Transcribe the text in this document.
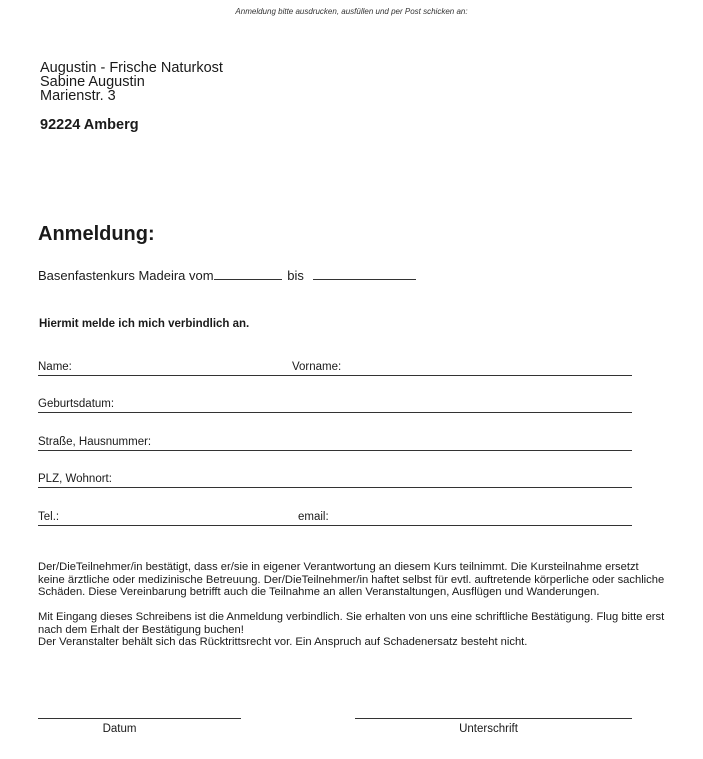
Anmeldung bitte ausdrucken, ausfüllen und per Post schicken an:
Augustin - Frische Naturkost
Sabine Augustin
Marienstr. 3
92224 Amberg
Anmeldung:
Basenfastenkurs Madeira vom	bis
Hiermit melde ich mich verbindlich an.
Name:	Vorname:
Geburtsdatum:
Straße, Hausnummer:
PLZ, Wohnort:
Tel.:	email:
Der/DieTeilnehmer/in bestätigt, dass er/sie in eigener Verantwortung an diesem Kurs teilnimmt. Die Kursteilnahme ersetzt keine ärztliche oder medizinische Betreuung. Der/DieTeilnehmer/in haftet selbst für evtl. auftretende körperliche oder sachliche Schäden. Diese Vereinbarung betrifft auch die Teilnahme an allen Veranstaltungen, Ausflügen und Wanderungen.
Mit Eingang dieses Schreibens ist die Anmeldung verbindlich. Sie erhalten von uns eine schriftliche Bestätigung. Flug bitte erst nach dem Erhalt der Bestätigung buchen!
Der Veranstalter behält sich das Rücktrittsrecht vor. Ein Anspruch auf Schadenersatz besteht nicht.
Datum	Unterschrift
